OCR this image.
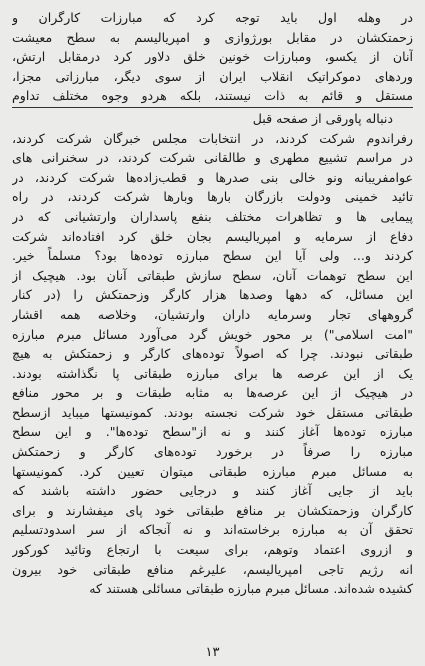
در وهله اول باید توجه کرد که مبارزات کارگران و
زحمتکشان در مقابل بورژوازی و امپریالیسم به سطح معیشت
آنان از یکسو، ومبارزات خونین خلق دلاور کرد درمقابل ارتش،
وردهای دموکراتیک انقلاب ایران از سوی دیگر، مبارزاتی مجزا،
مستقل و قائم به ذات نیستند، بلکه هردو وجوه مختلف تداوم
دنباله پاورقی از صفحه قبل
رفراندوم شرکت کردند، در انتخابات مجلس خبرگان شرکت کردند،
در مراسم تشییع مطهری و طالقانی شرکت کردند، در سخنرانی های
عوامفریبانه ونو خالی بنی صدرها و قطب‌زاده‌ها شرکت کردند، در
تائید خمینی ودولت بازرگان بارها وبارها شرکت کردند، در راه
پیمایی ها و تظاهرات مختلف بنفع پاسداران وارتشیانی که در
دفاع از سرمایه و امپریالیسم بجان خلق کرد افتاده‌اند شرکت
کردند و... ولی آیا این سطح مبارزه توده‌ها بود؟ مسلماً خیر.
این سطح توهمات آنان، سطح سازش طبقاتی آنان بود. هیچیک از
این مسائل، که دهها وصدها هزار کارگر وزحمتکش را (در کنار
گروههای تجار وسرمایه داران وارتشیان، وخلاصه همه اقشار
"امت اسلامی") بر محور خویش گرد می‌آورد مسائل مبرم مبارزه
طبقاتی نبودند. چرا که اصولاً توده‌های کارگر و زحمتکش به هیچ
یک از این عرصه ها برای مبارزه طبقاتی پا نگذاشته بودند.
در هیچیک از این عرصه‌ها به مثابه طبقات و بر محور منافع
طبقاتی مستقل خود شرکت نجسته بودند. کمونیستها میباید ازسطح
مبارزه توده‌ها آغاز کنند و نه از"سطح توده‌ها". و این سطح
مبارزه را صرفاً در برخورد توده‌های کارگر و زحمتکش
به مسائل مبرم مبارزه طبقاتی میتوان تعیین کرد. کمونیستها
باید از جایی آغاز کنند و درجایی حضور داشته باشند که
کارگران وزحمتکشان بر منافع طبقاتی خود پای میفشارند و برای
تحقق آن به مبارزه برخاسته‌اند و نه آنجاکه از سر اسدودتسلیم
و ازروی اعتماد وتوهم، برای سیعت با ارتجاع وتائید کورکور
انه رژیم تاجی امپریالیسم، علیرغم منافع طبقاتی خود بیرون
کشیده شده‌اند. مسائل مبرم مبارزه طبقاتی مسائلی هستند که
۱۳
